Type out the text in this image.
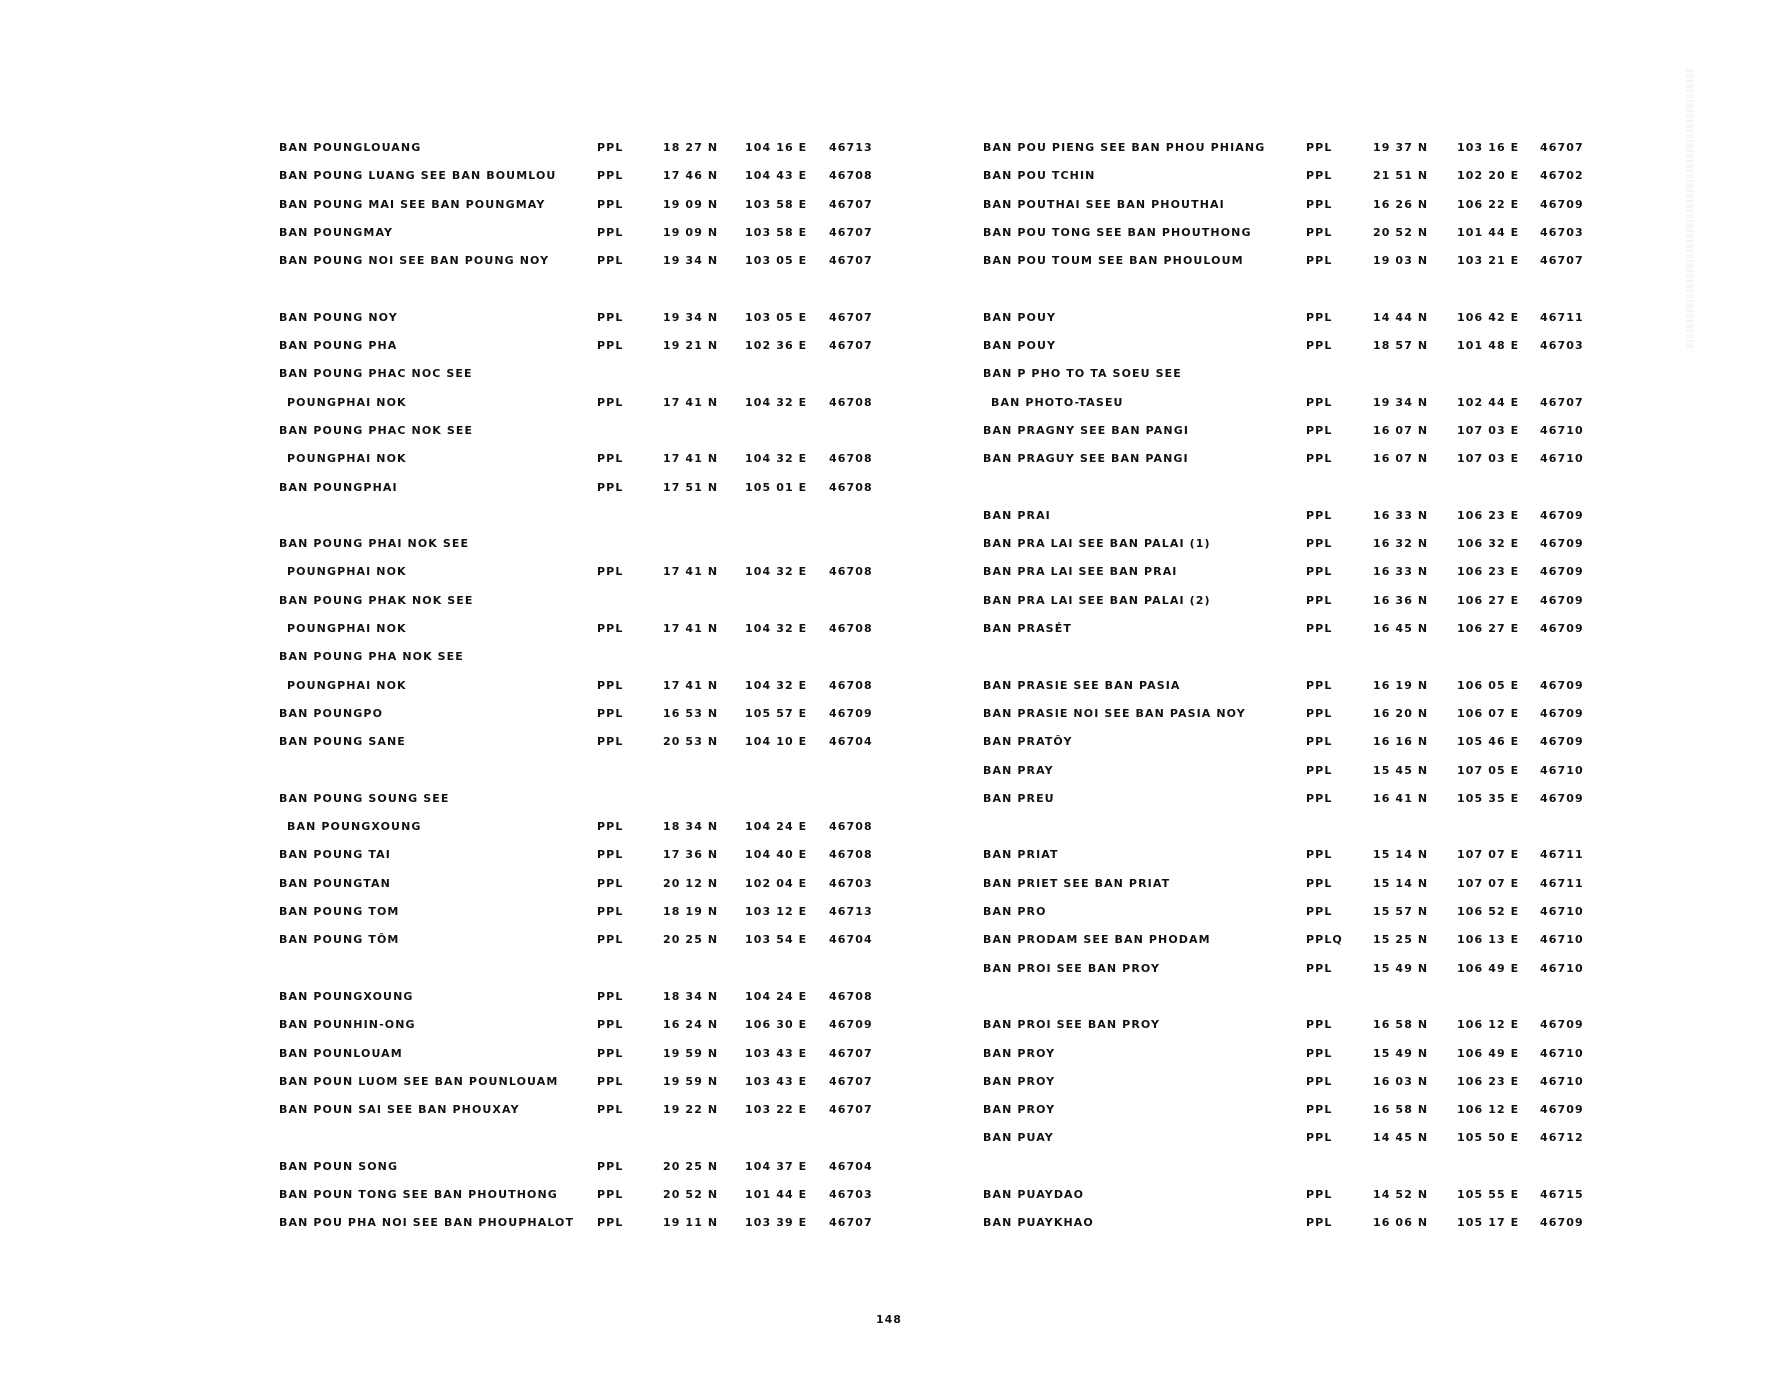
BAN POUNGLOUANG	PPL	18 27 N 104 16 E 46713
BAN POUNG LUANG SEE BAN BOUMLOU	PPL	17 46 N 104 43 E 46708
BAN POUNG MAI SEE BAN POUNGMAY	PPL	19 09 N 103 58 E 46707
BAN POUNGMAY	PPL	19 09 N 103 58 E 46707
BAN POUNG NOI SEE BAN POUNG NOY	PPL	19 34 N 103 05 E 46707
BAN POUNG NOY	PPL	19 34 N 103 05 E 46707
BAN POUNG PHA	PPL	19 21 N 102 36 E 46707
BAN POUNG PHAC NOC SEE
POUNGPHAI NOK	PPL	17 41 N 104 32 E 46708
BAN POUNG PHAC NOK SEE
POUNGPHAI NOK	PPL	17 41 N 104 32 E 46708
BAN POUNGPHAI	PPL	17 51 N 105 01 E 46708
BAN POUNG PHAI NOK SEE
POUNGPHAI NOK	PPL	17 41 N 104 32 E 46708
BAN POUNG PHAK NOK SEE
POUNGPHAI NOK	PPL	17 41 N 104 32 E 46708
BAN POUNG PHA NOK SEE
POUNGPHAI NOK	PPL	17 41 N 104 32 E 46708
BAN POUNGPO	PPL	16 53 N 105 57 E 46709
BAN POUNG SANE	PPL	20 53 N 104 10 E 46704
BAN POUNG SOUNG SEE
BAN POUNGXOUNG	PPL	18 34 N 104 24 E 46708
BAN POUNG TAI	PPL	17 36 N 104 40 E 46708
BAN POUNGTAN	PPL	20 12 N 102 04 E 46703
BAN POUNG TOM	PPL	18 19 N 103 12 E 46713
BAN POUNG TÔM	PPL	20 25 N 103 54 E 46704
BAN POUNGXOUNG	PPL	18 34 N 104 24 E 46708
BAN POUNHIN-ONG	PPL	16 24 N 106 30 E 46709
BAN POUNLOUAM	PPL	19 59 N 103 43 E 46707
BAN POUN LUOM SEE BAN POUNLOUAM	PPL	19 59 N 103 43 E 46707
BAN POUN SAI SEE BAN PHOUXAY	PPL	19 22 N 103 22 E 46707
BAN POUN SONG	PPL	20 25 N 104 37 E 46704
BAN POUN TONG SEE BAN PHOUTHONG	PPL	20 52 N 101 44 E 46703
BAN POU PHA NOI SEE BAN PHOUPHALOT PPL	19 11 N 103 39 E 46707
BAN POU PIENG SEE BAN PHOU PHIANG	PPL	19 37 N	103 16 E 46707
BAN POU TCHIN	PPL	21 51 N	102 20 E 46702
BAN POUTHAI SEE BAN PHOUTHAI	PPL	16 26 N	106 22 E 46709
BAN POU TONG SEE BAN PHOUTHONG	PPL	20 52 N	101 44 E 46703
BAN POU TOUM SEE BAN PHOULOUM	PPL	19 03 N	103 21 E 46707
BAN POUY	PPL	14 44 N	106 42 E 46711
BAN POUY	PPL	18 57 N	101 48 E 46703
BAN P PHO TO TA SOEU SEE
BAN PHOTO-TASEU	PPL	19 34 N	102 44 E 46707
BAN PRAGNY SEE BAN PANGI	PPL	16 07 N	107 03 E 46710
BAN PRAGUY SEE BAN PANGI	PPL	16 07 N	107 03 E 46710
BAN PRAI	PPL	16 33 N	106 23 E 46709
BAN PRA LAI SEE BAN PALAI (1)	PPL	16 32 N	106 32 E 46709
BAN PRA LAI SEE BAN PRAI	PPL	16 33 N	106 23 E 46709
BAN PRA LAI SEE BAN PALAI (2)	PPL	16 36 N	106 27 E 46709
BAN PRASÉT	PPL	16 45 N	106 27 E 46709
BAN PRASIE SEE BAN PASIA	PPL	16 19 N	106 05 E 46709
BAN PRASIE NOI SEE BAN PASIA NOY	PPL	16 20 N	106 07 E 46709
BAN PRATÔY	PPL	16 16 N	105 46 E 46709
BAN PRAY	PPL	15 45 N	107 05 E 46710
BAN PREU	PPL	16 41 N	105 35 E 46709
BAN PRIAT	PPL	15 14 N	107 07 E 46711
BAN PRIET SEE BAN PRIAT	PPL	15 14 N	107 07 E 46711
BAN PRO	PPL	15 57 N	106 52 E 46710
BAN PRODAM SEE BAN PHODAM	PPLQ	15 25 N	106 13 E 46710
BAN PROI SEE BAN PROY	PPL	15 49 N	106 49 E 46710
BAN PROI SEE BAN PROY	PPL	16 58 N	106 12 E 46709
BAN PROY	PPL	15 49 N	106 49 E 46710
BAN PROY	PPL	16 03 N	106 23 E 46710
BAN PROY	PPL	16 58 N	106 12 E 46709
BAN PUAY	PPL	14 45 N	105 50 E 46712
BAN PUAYDAO	PPL	14 52 N	105 55 E 46715
BAN PUAYKHAO	PPL	16 06 N	105 17 E 46709
148
